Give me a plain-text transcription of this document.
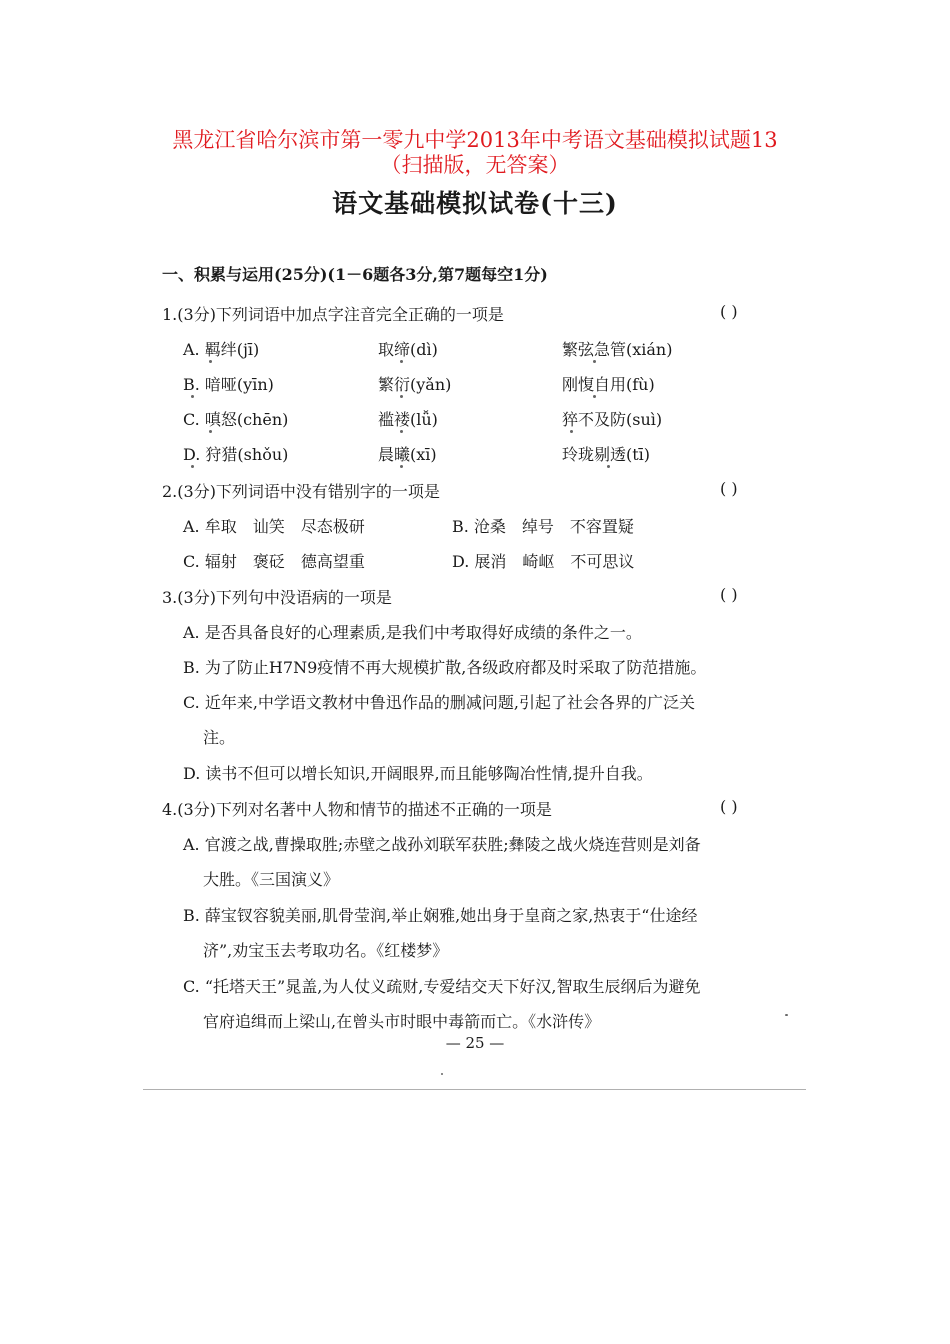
黑龙江省哈尔滨市第一零九中学2013年中考语文基础模拟试题13
（扫描版，无答案）
语文基础模拟试卷(十三)
一、积累与运用(25分)(1－6题各3分,第7题每空1分)
1.(3分)下列词语中加点字注音完全正确的一项是	( )
A. 羁绊(jī)	取缔(dì)	繁弦急管(xián)
B. 喑哑(yīn)	繁衍(yǎn)	刚愎自用(fù)
C. 嗔怒(chēn)	褴褛(lǚ)	猝不及防(suì)
D. 狩猎(shǒu)	晨曦(xī)	玲珑剔透(tī)
2.(3分)下列词语中没有错别字的一项是	( )
A. 牟取　讪笑　尽态极研	B. 沧桑　绰号　不容置疑
C. 辐射　褒砭　德高望重	D. 展消　崎岖　不可思议
3.(3分)下列句中没语病的一项是	( )
A. 是否具备良好的心理素质,是我们中考取得好成绩的条件之一。
B. 为了防止H7N9疫情不再大规模扩散,各级政府都及时采取了防范措施。
C. 近年来,中学语文教材中鲁迅作品的删减问题,引起了社会各界的广泛关
注。
D. 读书不但可以增长知识,开阔眼界,而且能够陶冶性情,提升自我。
4.(3分)下列对名著中人物和情节的描述不正确的一项是	( )
A. 官渡之战,曹操取胜;赤壁之战孙刘联军获胜;彝陵之战火烧连营则是刘备
大胜。《三国演义》
B. 薛宝钗容貌美丽,肌骨莹润,举止娴雅,她出身于皇商之家,热衷于“仕途经
济”,劝宝玉去考取功名。《红楼梦》
C. “托塔天王”晁盖,为人仗义疏财,专爱结交天下好汉,智取生辰纲后为避免
官府追缉而上梁山,在曾头市时眼中毒箭而亡。《水浒传》
— 25 —
